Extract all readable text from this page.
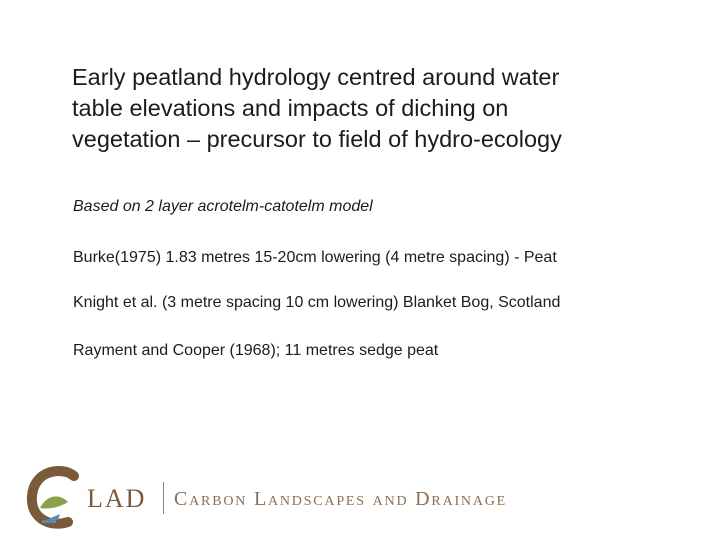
Early peatland hydrology centred around water
table elevations and impacts of diching on
vegetation – precursor to field of hydro-ecology
Based on 2 layer acrotelm-catotelm model
Burke(1975) 1.83 metres 15-20cm lowering (4 metre spacing) - Peat
Knight et al. (3 metre spacing 10 cm lowering) Blanket Bog, Scotland
Rayment and Cooper (1968); 11 metres sedge peat
LAD Carbon Landscapes and Drainage
